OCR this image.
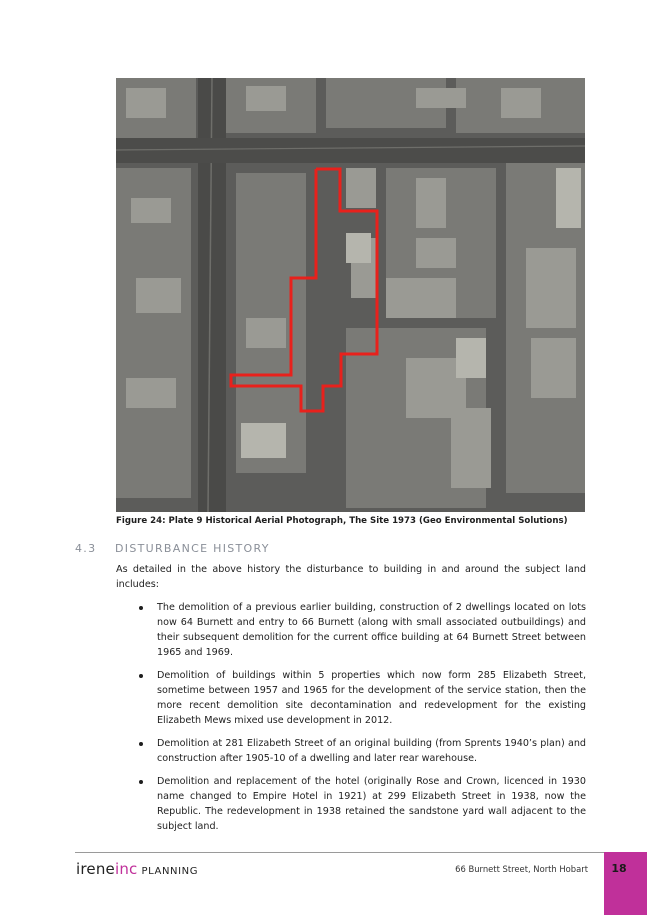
Figure 24: Plate 9 Historical Aerial Photograph, The Site 1973 (Geo Environmental Solutions)
4.3 DISTURBANCE HISTORY

As detailed in the above history the disturbance to building in and around the subject land includes:

The demolition of a previous earlier building, construction of 2 dwellings located on lots now 64 Burnett and entry to 66 Burnett (along with small associated outbuildings) and their subsequent demolition for the current office building at 64 Burnett Street between 1965 and 1969.
Demolition of buildings within 5 properties which now form 285 Elizabeth Street, sometime between 1957 and 1965 for the development of the service station, then the more recent demolition site decontamination and redevelopment for the existing Elizabeth Mews mixed use development in 2012.
Demolition at 281 Elizabeth Street of an original building (from Sprents 1940’s plan) and construction after 1905-10 of a dwelling and later rear warehouse.
Demolition and replacement of the hotel (originally Rose and Crown, licenced in 1930 name changed to Empire Hotel in 1921) at 299 Elizabeth Street in 1938, now the Republic. The redevelopment in 1938 retained the sandstone yard wall adjacent to the subject land.
ireneinc PLANNING	66 Burnett Street, North Hobart	18
